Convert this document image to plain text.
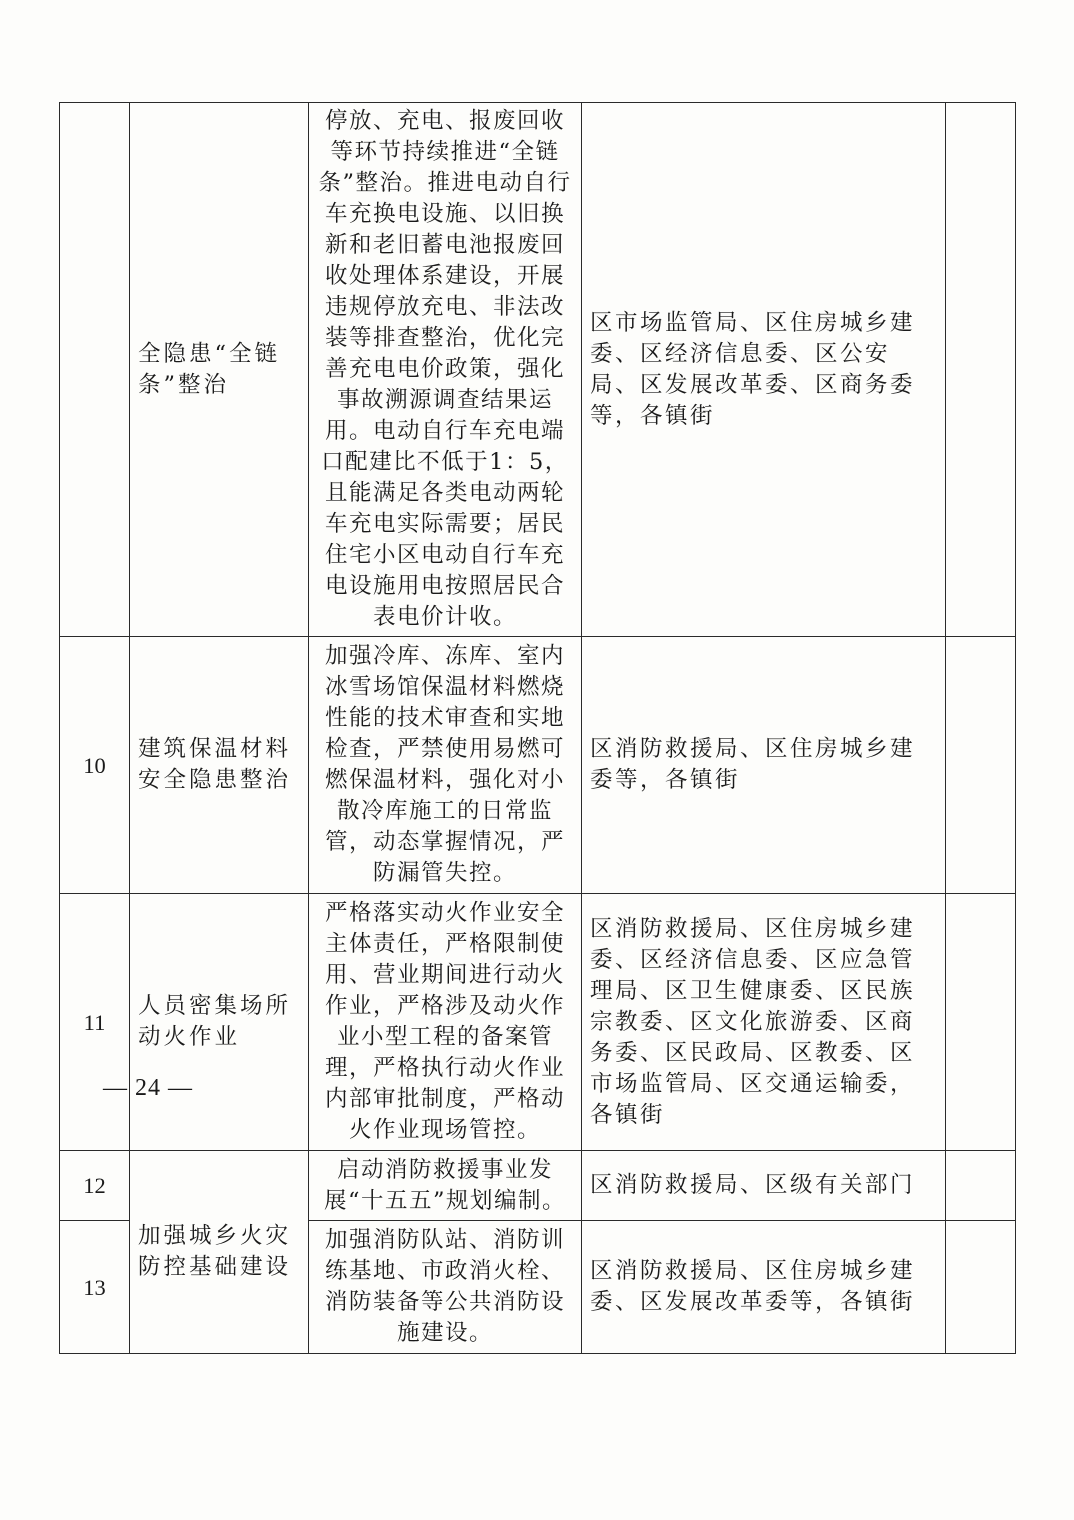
	全隐患“全链条”整治	停放、充电、报废回收等环节持续推进“全链条”整治。推进电动自行车充换电设施、以旧换新和老旧蓄电池报废回收处理体系建设，开展违规停放充电、非法改装等排查整治，优化完善充电电价政策，强化事故溯源调查结果运用。电动自行车充电端口配建比不低于1：5，且能满足各类电动两轮车充电实际需要；居民住宅小区电动自行车充电设施用电按照居民合表电价计收。	区市场监管局、区住房城乡建委、区经济信息委、区公安局、区发展改革委、区商务委等，各镇街	
10	建筑保温材料安全隐患整治	加强冷库、冻库、室内冰雪场馆保温材料燃烧性能的技术审查和实地检查，严禁使用易燃可燃保温材料，强化对小散冷库施工的日常监管，动态掌握情况，严防漏管失控。	区消防救援局、区住房城乡建委等，各镇街	
11	人员密集场所动火作业	严格落实动火作业安全主体责任，严格限制使用、营业期间进行动火作业，严格涉及动火作业小型工程的备案管理，严格执行动火作业内部审批制度，严格动火作业现场管控。	区消防救援局、区住房城乡建委、区经济信息委、区应急管理局、区卫生健康委、区民族宗教委、区文化旅游委、区商务委、区民政局、区教委、区市场监管局、区交通运输委，各镇街	
12	加强城乡火灾防控基础建设	启动消防救援事业发展“十五五”规划编制。	区消防救援局、区级有关部门	
13		加强消防队站、消防训练基地、市政消火栓、消防装备等公共消防设施建设。	区消防救援局、区住房城乡建委、区发展改革委等，各镇街	
— 24 —
